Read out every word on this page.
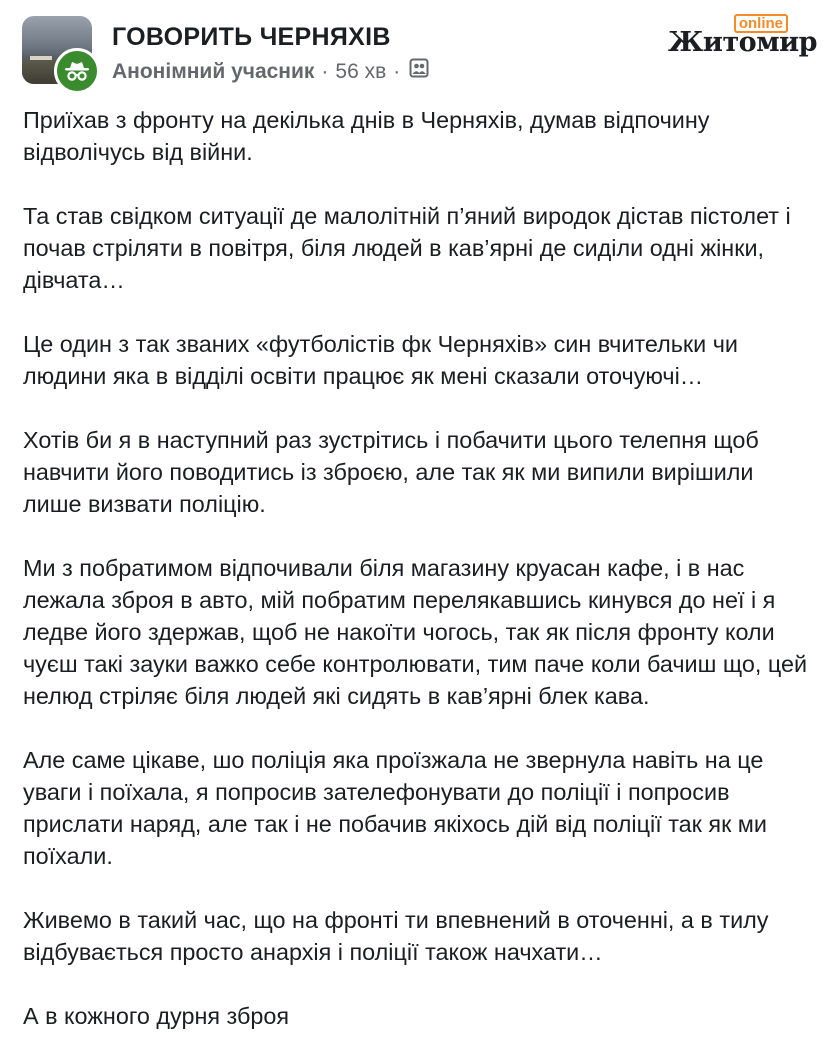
ГОВОРИТЬ ЧЕРНЯХІВ
Анонімний учасник · 56 хв ·
online
Житомир

Приїхав з фронту на декілька днів в Черняхів, думав відпочину відволічусь від війни.

Та став свідком ситуації де малолітній п’яний виродок дістав пістолет і почав стріляти в повітря, біля людей в кав’ярні де сиділи одні жінки, дівчата…

Це один з так званих «футболістів фк Черняхів» син вчительки чи людини яка в відділі освіти працює як мені сказали оточуючі…

Хотів би я в наступний раз зустрітись і побачити цього телепня щоб навчити його поводитись із зброєю, але так як ми випили вирішили лише визвати поліцію.

Ми з побратимом відпочивали біля магазину круасан кафе, і в нас лежала зброя в авто, мій побратим перелякавшись кинувся до неї і я ледве його здержав, щоб не накоїти чогось, так як після фронту коли чуєш такі зауки важко себе контролювати, тим паче коли бачиш що, цей нелюд стріляє біля людей які сидять в кав’ярні блек кава.

Але саме цікаве, шо поліція яка проїзжала не звернула навіть на це уваги і поїхала, я попросив зателефонувати до поліції і попросив прислати наряд, але так і не побачив якіхось дій від поліції так як ми поїхали.

Живемо в такий час, що на фронті ти впевнений в оточенні, а в тилу відбувається просто анархія і поліції також начхати…

А в кожного дурня зброя
